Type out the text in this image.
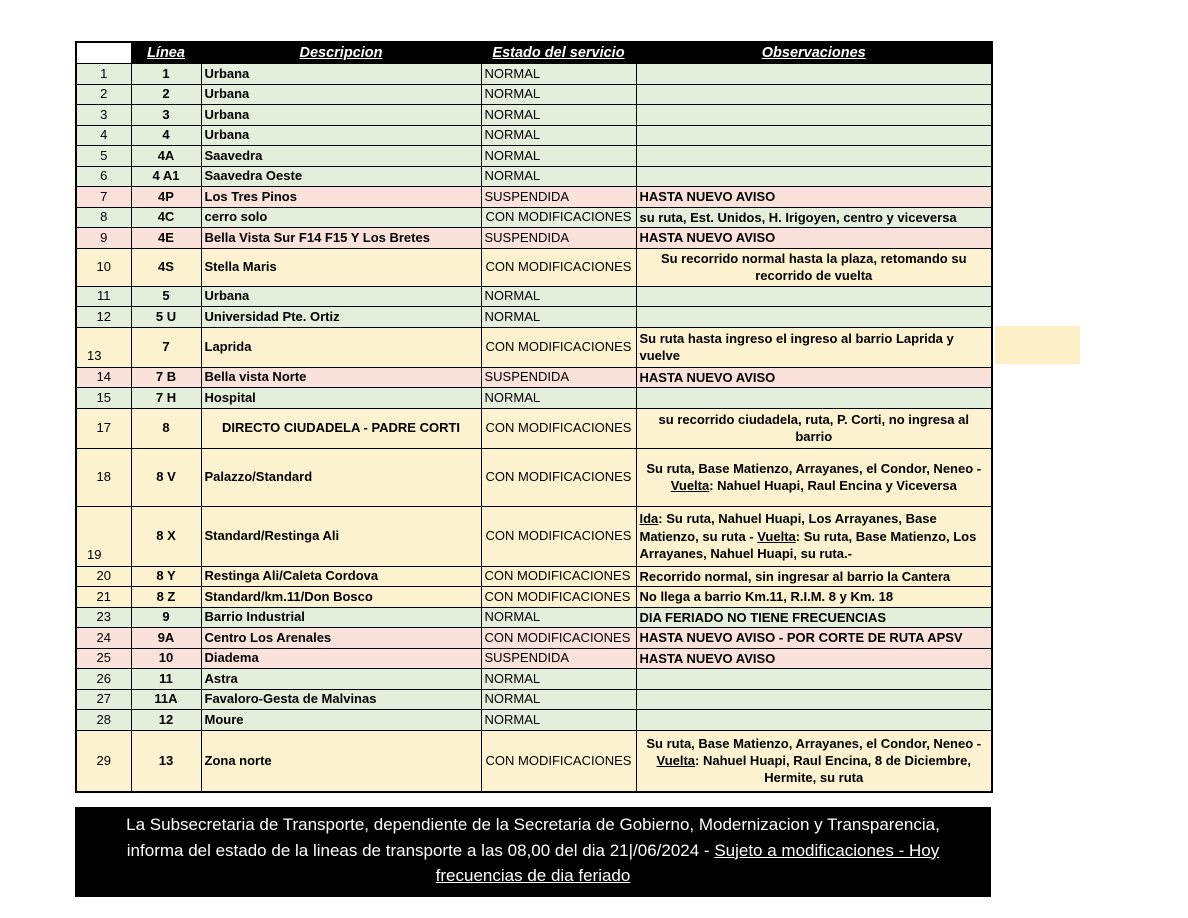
	Línea	Descripcion	Estado del servicio	Observaciones
1	1	Urbana	NORMAL	
2	2	Urbana	NORMAL	
3	3	Urbana	NORMAL	
4	4	Urbana	NORMAL	
5	4A	Saavedra	NORMAL	
6	4 A1	Saavedra Oeste	NORMAL	
7	4P	Los Tres Pinos	SUSPENDIDA	HASTA NUEVO AVISO
8	4C	cerro solo	CON MODIFICACIONES	su ruta, Est. Unidos, H. Irigoyen, centro y viceversa
9	4E	Bella Vista Sur F14 F15 Y Los Bretes	SUSPENDIDA	HASTA NUEVO AVISO
10	4S	Stella Maris	CON MODIFICACIONES	Su recorrido normal hasta la plaza, retomando su recorrido de vuelta
11	5	Urbana	NORMAL	
12	5 U	Universidad Pte. Ortiz	NORMAL	
13	7	Laprida	CON MODIFICACIONES	Su ruta hasta ingreso el ingreso al barrio Laprida y vuelve
14	7 B	Bella vista Norte	SUSPENDIDA	HASTA NUEVO AVISO
15	7 H	Hospital	NORMAL	
17	8	DIRECTO CIUDADELA - PADRE CORTI	CON MODIFICACIONES	su recorrido ciudadela, ruta, P. Corti, no ingresa al barrio
18	8 V	Palazzo/Standard	CON MODIFICACIONES	Su ruta, Base Matienzo, Arrayanes, el Condor, Neneo - Vuelta: Nahuel Huapi, Raul Encina y Viceversa
19	8 X	Standard/Restinga Ali	CON MODIFICACIONES	Ida: Su ruta, Nahuel Huapi, Los Arrayanes, Base Matienzo, su ruta - Vuelta: Su ruta, Base Matienzo, Los Arrayanes, Nahuel Huapi, su ruta.-
20	8 Y	Restinga Ali/Caleta Cordova	CON MODIFICACIONES	Recorrido normal, sin ingresar al barrio la Cantera
21	8 Z	Standard/km.11/Don Bosco	CON MODIFICACIONES	No llega a barrio Km.11, R.I.M. 8 y Km. 18
23	9	Barrio Industrial	NORMAL	DIA FERIADO NO TIENE FRECUENCIAS
24	9A	Centro Los Arenales	CON MODIFICACIONES	HASTA NUEVO AVISO - POR CORTE DE RUTA APSV
25	10	Diadema	SUSPENDIDA	HASTA NUEVO AVISO
26	11	Astra	NORMAL	
27	11A	Favaloro-Gesta de Malvinas	NORMAL	
28	12	Moure	NORMAL	
29	13	Zona norte	CON MODIFICACIONES	Su ruta, Base Matienzo, Arrayanes, el Condor, Neneo - Vuelta: Nahuel Huapi, Raul Encina, 8 de Diciembre, Hermite, su ruta

La Subsecretaria de Transporte, dependiente de la Secretaria de Gobierno, Modernizacion y Transparencia, informa del estado de la lineas de transporte a las 08,00 del dia 21|/06/2024 - Sujeto a modificaciones - Hoy frecuencias de dia feriado
